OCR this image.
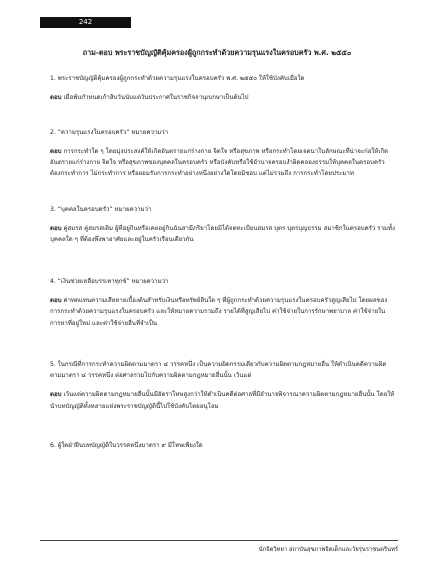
242
ถาม-ตอบ พระราชบัญญัติคุ้มครองผู้ถูกกระทำด้วยความรุนแรงในครอบครัว พ.ศ. ๒๕๕๐

1. พระราชบัญญัติคุ้มครองผู้ถูกกระทำด้วยความรุนแรงในครอบครัว พ.ศ. ๒๕๕๐ ให้ใช้บังคับเมื่อใด

ตอบ เมื่อพ้นกำหนดเก้าสิบวันนับแต่วันประกาศในราชกิจจานุเบกษาเป็นต้นไป

2. “ความรุนแรงในครอบครัว” หมายความว่า

ตอบ การกระทำใด ๆ โดยมุ่งประสงค์ให้เกิดอันตรายแก่ร่างกาย จิตใจ หรือสุขภาพ หรือกระทำโดยเจตนาในลักษณะที่น่าจะก่อให้เกิดอันตรายแก่ร่างกาย จิตใจ หรือสุขภาพของบุคคลในครอบครัว หรือบังคับหรือใช้อำนาจครอบงำผิดคลองธรรมให้บุคคลในครอบครัวต้องกระทำการ ไม่กระทำการ หรือยอมรับการกระทำอย่างหนึ่งอย่างใดโดยมิชอบ แต่ไม่รวมถึง การกระทำโดยประมาท

3. “บุคคลในครอบครัว” หมายความว่า

ตอบ คู่สมรส คู่สมรสเดิม ผู้ที่อยู่กินหรือเคยอยู่กินฉันสามีภริยาโดยมิได้จดทะเบียนสมรส บุตร บุตรบุญธรรม สมาชิกในครอบครัว รวมทั้งบุคคลใด ๆ ที่ต้องพึ่งพาอาศัยและอยู่ในครัวเรือนเดียวกัน

4. “เงินช่วยเหลือบรรเทาทุกข์” หมายความว่า

ตอบ ค่าทดแทนความเสียหายเบื้องต้นสำหรับเงินหรือทรัพย์สินใด ๆ ที่ผู้ถูกกระทำด้วยความรุนแรงในครอบครัวสูญเสียไป โดยผลของการกระทำด้วยความรุนแรงในครอบครัว และให้หมายความรวมถึง รายได้ที่สูญเสียไป ค่าใช้จ่ายในการรักษาพยาบาล ค่าใช้จ่ายในการหาที่อยู่ใหม่ และค่าใช้จ่ายอื่นที่จำเป็น

5. ในกรณีที่การกระทำความผิดตามมาตรา ๔ วรรคหนึ่ง เป็นความผิดกรรมเดียวกับความผิดตามกฎหมายอื่น ให้ดำเนินคดีความผิดตามมาตรา ๔ วรรคหนึ่ง ต่อศาลรวมไปกับความผิดตามกฎหมายอื่นนั้น เว้นแต่

ตอบ เว้นแต่ความผิดตามกฎหมายอื่นนั้นมีอัตราโทษสูงกว่าให้ดำเนินคดีต่อศาลที่มีอำนาจพิจารณาความผิดตามกฎหมายอื่นนั้น โดยให้นำบทบัญญัติทั้งหลายแห่งพระราชบัญญัตินี้ไปใช้บังคับโดยอนุโลม

6. ผู้ใดฝ่าฝืนบทบัญญัติในวรรคหนึ่งมาตรา ๙ มีโทษเพียงใด

นักจิตวิทยา สถาบันสุขภาพจิตเด็กและวัยรุ่นราชนครินทร์
